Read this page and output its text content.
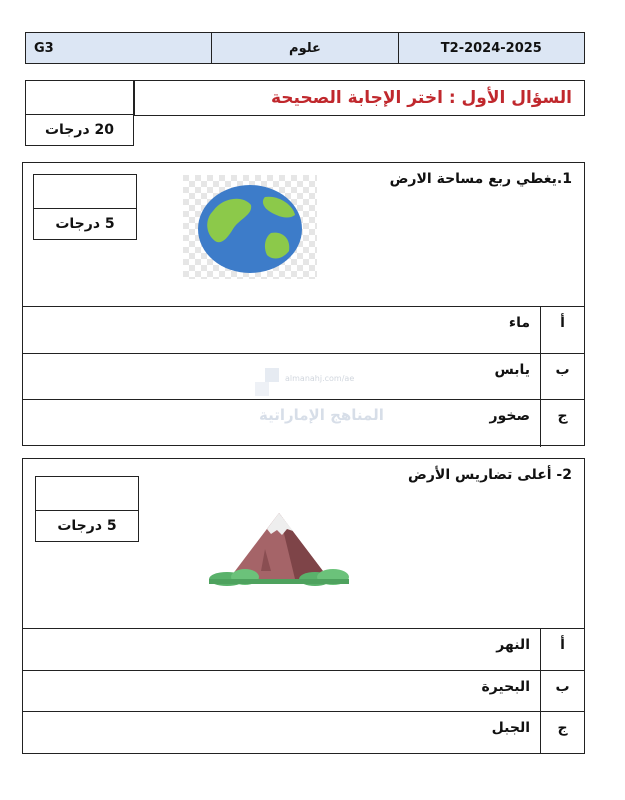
G3	علوم	T2-2024-2025
20 درجات
السؤال الأول : اختر الإجابة الصحيحة
1.يغطي ربع مساحة الارض
5 درجات
ماء	أ
يابس	ب
صخور	ج
almanahj.com/ae
المناهج الإماراتية
2- أعلى تضاريس الأرض
5 درجات
النهر	أ
البحيرة	ب
الجبل	ج
